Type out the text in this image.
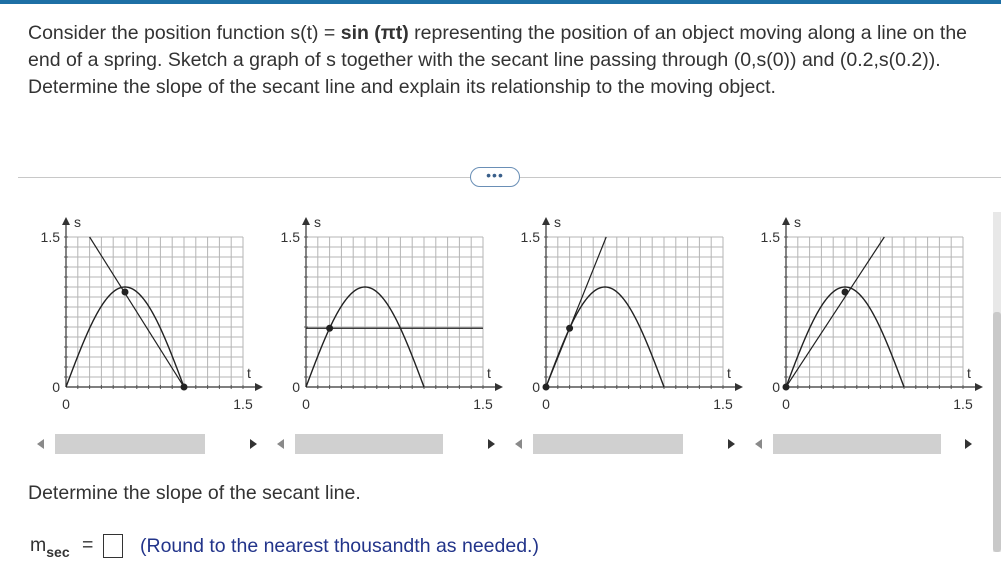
Consider the position function s(t) = sin (πt) representing the position of an object moving along a line on the end of a spring. Sketch a graph of s together with the secant line passing through (0,s(0)) and (0.2,s(0.2)). Determine the slope of the secant line and explain its relationship to the moving object.
•••
s
t
1.5
0
0	1.5
s
t
1.5
0
0	1.5
s
t
1.5
0
0	1.5
s
t
1.5
0
0	1.5
Determine the slope of the secant line.
$m_{sec}$ = (Round to the nearest thousandth as needed.)
